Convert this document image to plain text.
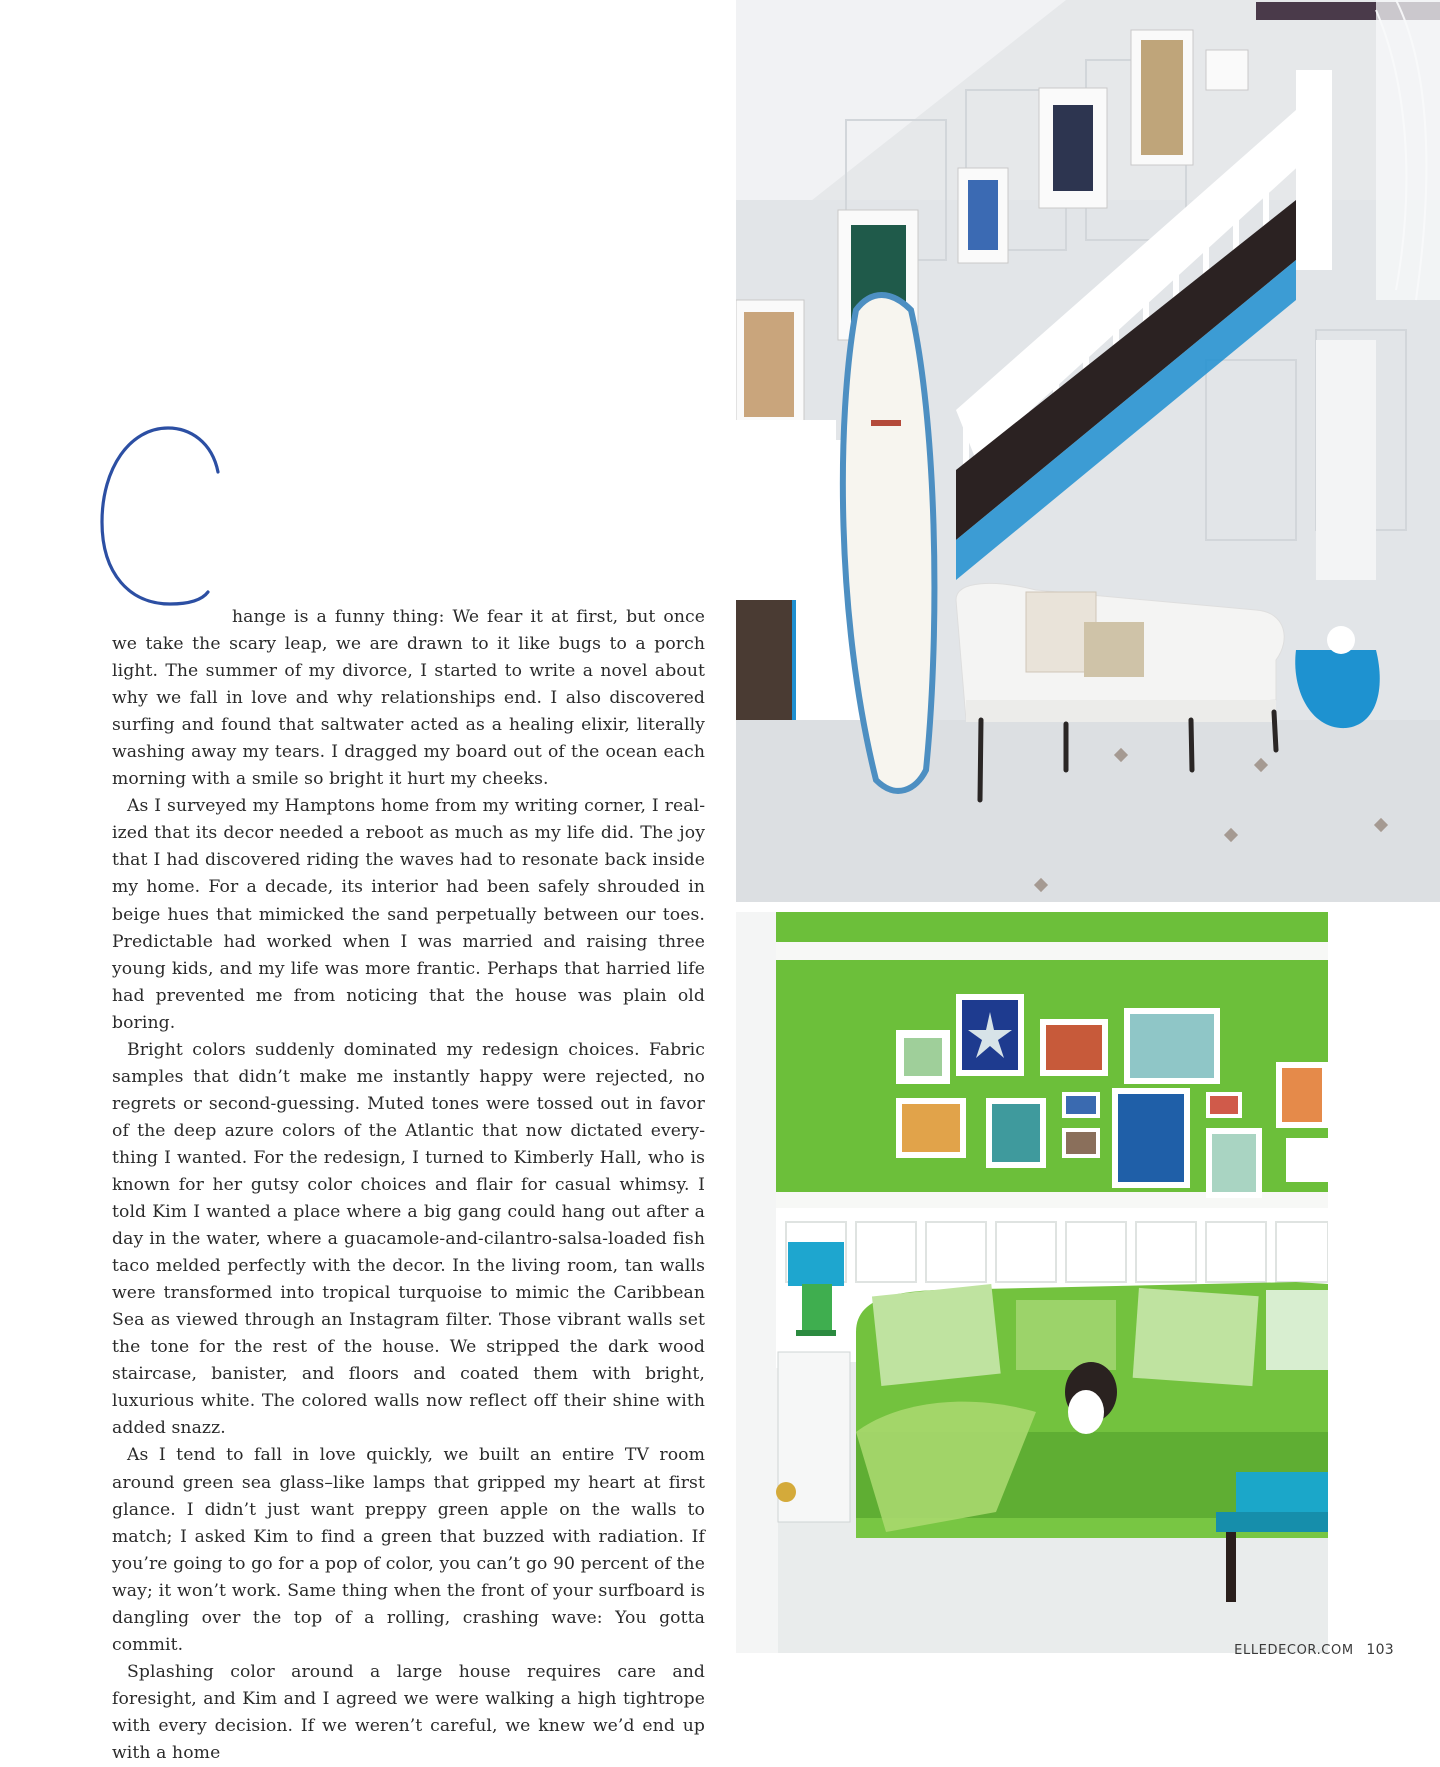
hange is a funny thing: We fear it at first, but once we take the scary leap, we are drawn to it like bugs to a porch light. The summer of my divorce, I started to write a novel about why we fall in love and why relationships end. I also discovered surfing and found that saltwater acted as a healing elixir, literally washing away my tears. I dragged my board out of the ocean each morning with a smile so bright it hurt my cheeks.

As I surveyed my Hamptons home from my writing corner, I realized that its decor needed a reboot as much as my life did. The joy that I had discovered riding the waves had to resonate back inside my home. For a decade, its interior had been safely shrouded in beige hues that mimicked the sand perpetually between our toes. Predictable had worked when I was married and raising three young kids, and my life was more frantic. Perhaps that harried life had prevented me from noticing that the house was plain old boring.

Bright colors suddenly dominated my redesign choices. Fabric samples that didn’t make me instantly happy were rejected, no regrets or second-guessing. Muted tones were tossed out in favor of the deep azure colors of the Atlantic that now dictated everything I wanted. For the redesign, I turned to Kimberly Hall, who is known for her gutsy color choices and flair for casual whimsy. I told Kim I wanted a place where a big gang could hang out after a day in the water, where a guacamole-and-cilantro-salsa-loaded fish taco melded perfectly with the decor. In the living room, tan walls were transformed into tropical turquoise to mimic the Caribbean Sea as viewed through an Instagram filter. Those vibrant walls set the tone for the rest of the house. We stripped the dark wood staircase, banister, and floors and coated them with bright, luxurious white. The colored walls now reflect off their shine with added snazz.

As I tend to fall in love quickly, we built an entire TV room around green sea glass–like lamps that gripped my heart at first glance. I didn’t just want preppy green apple on the walls to match; I asked Kim to find a green that buzzed with radiation. If you’re going to go for a pop of color, you can’t go 90 percent of the way; it won’t work. Same thing when the front of your surfboard is dangling over the top of a rolling, crashing wave: You gotta commit.

Splashing color around a large house requires care and foresight, and Kim and I agreed we were walking a high tightrope with every decision. If we weren’t careful, we knew we’d end up with a home

ELLEDECOR.COM 103
